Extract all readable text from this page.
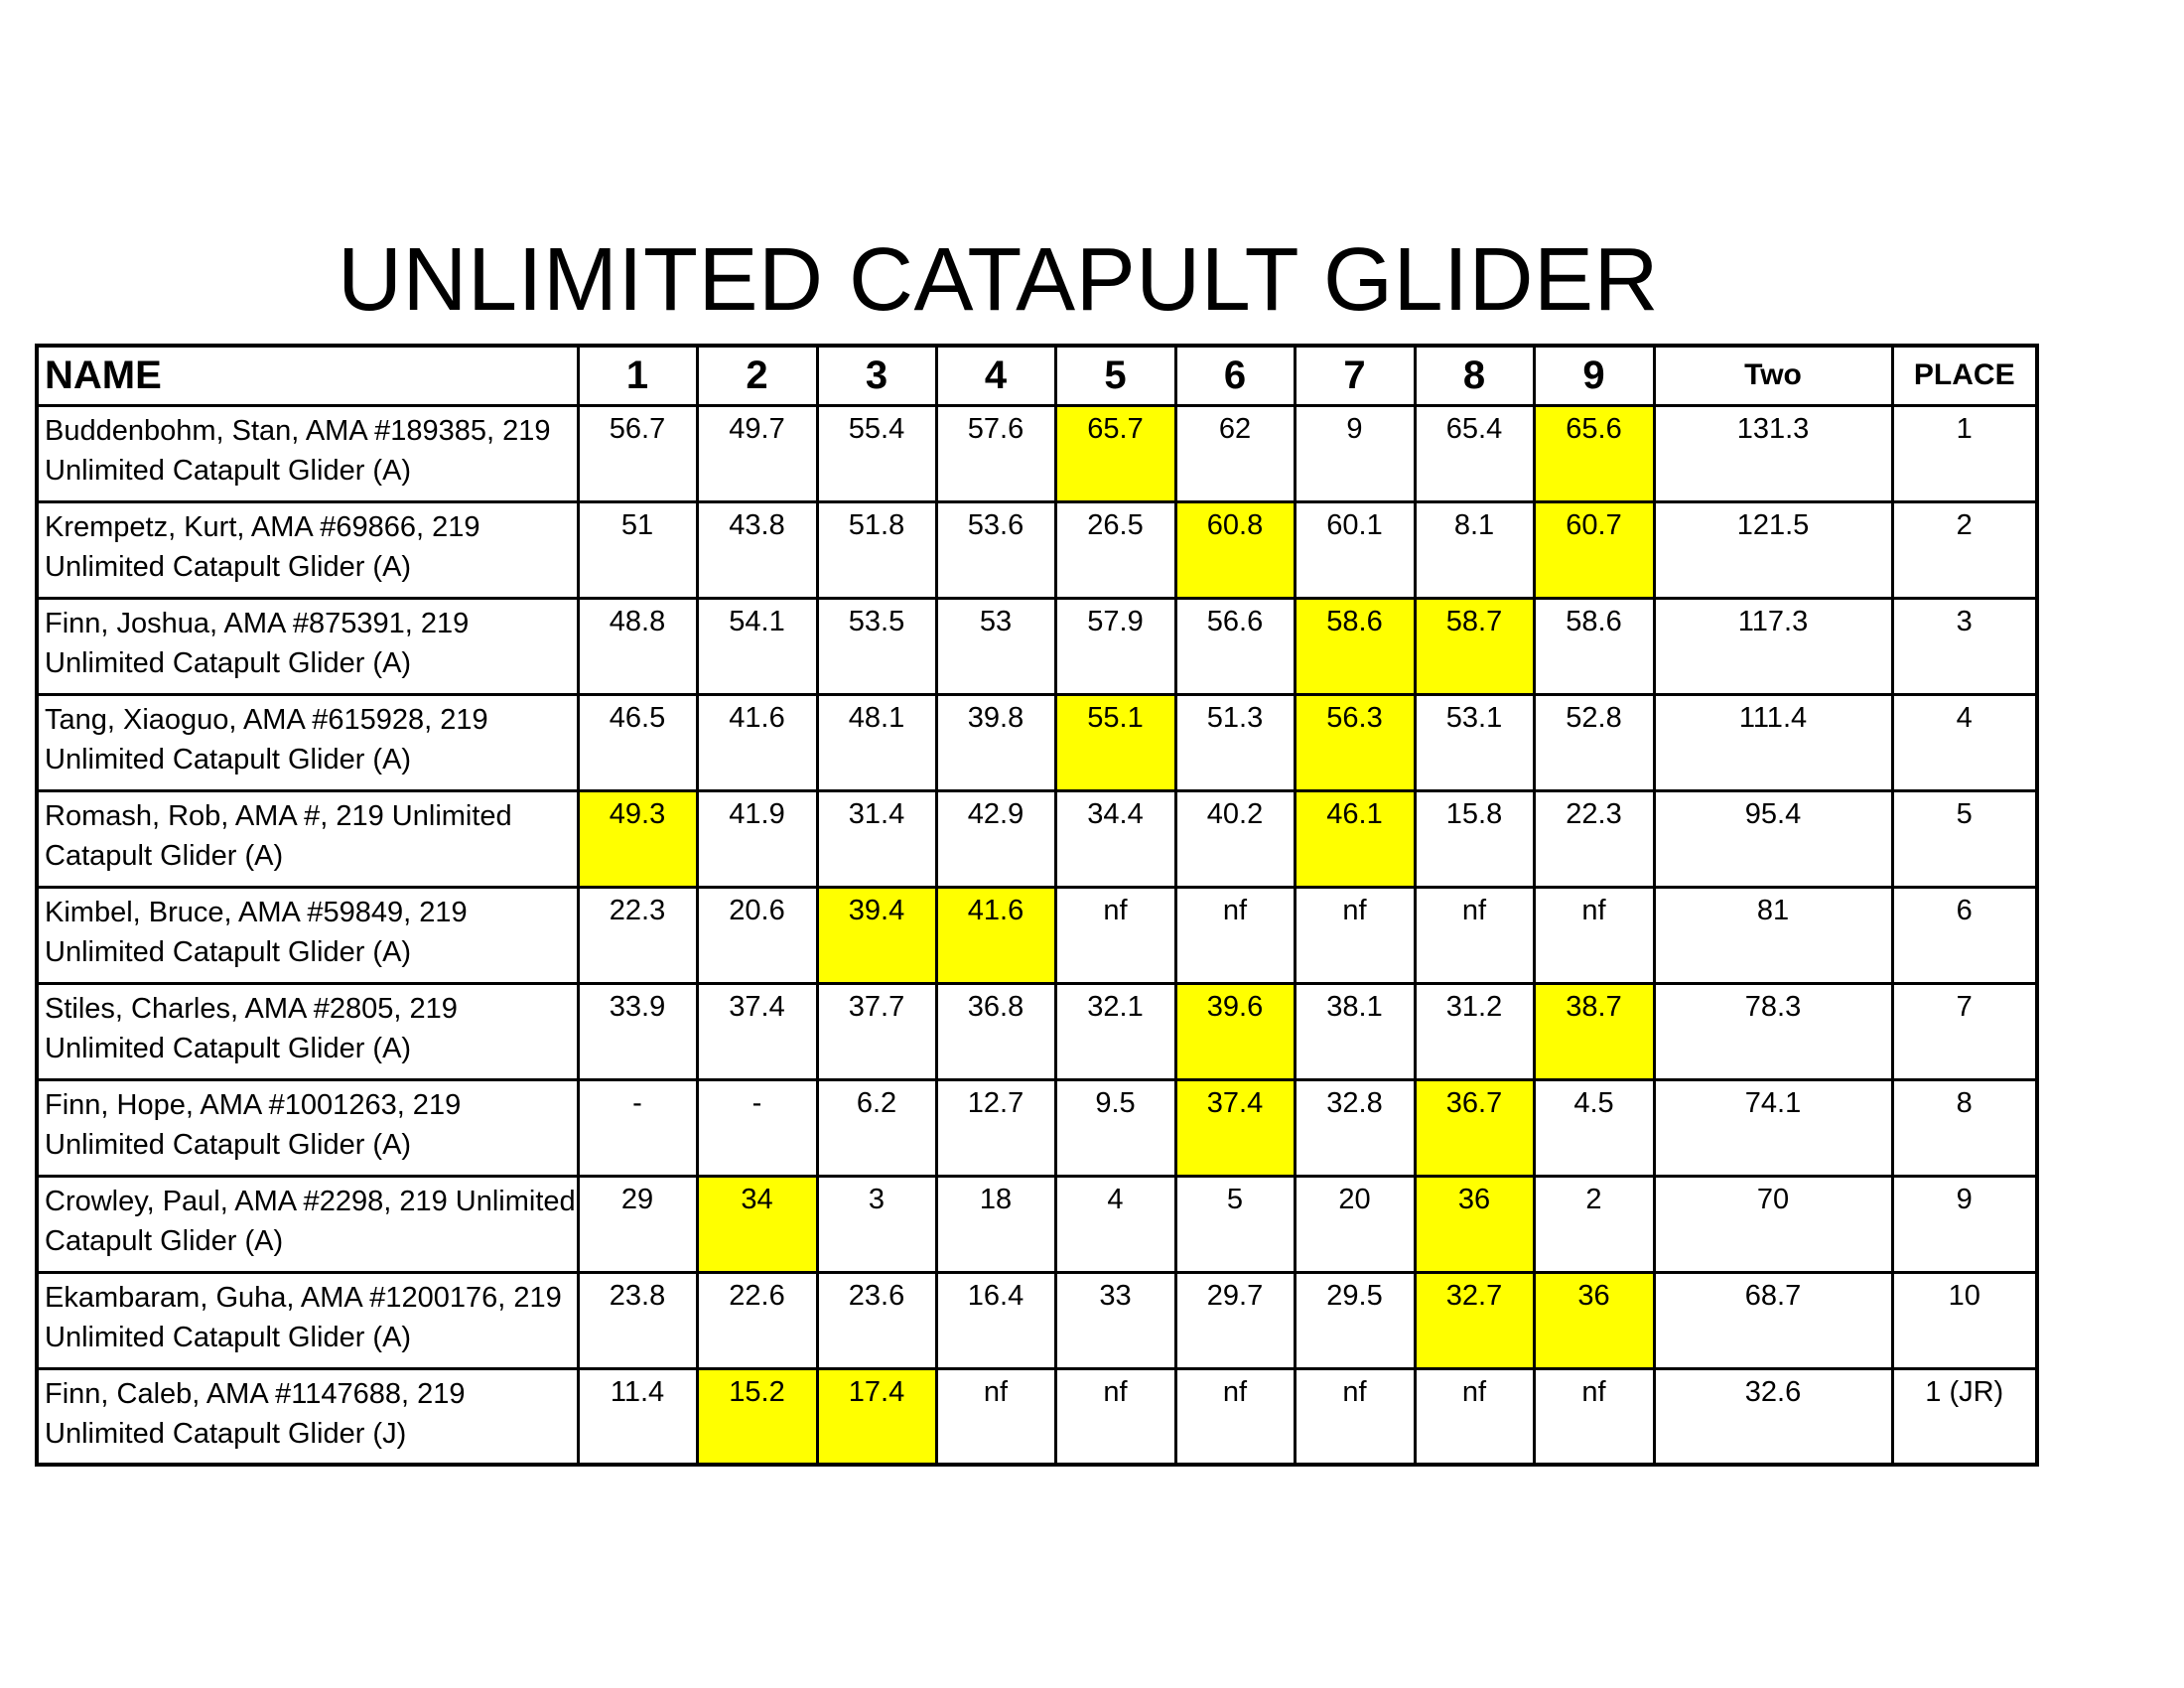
UNLIMITED CATAPULT GLIDER
NAME	1	2	3	4	5	6	7	8	9	Two	PLACE
Buddenbohm, Stan, AMA #189385, 219 Unlimited Catapult Glider (A)	56.7	49.7	55.4	57.6	65.7	62	9	65.4	65.6	131.3	1
Krempetz, Kurt, AMA #69866, 219 Unlimited Catapult Glider (A)	51	43.8	51.8	53.6	26.5	60.8	60.1	8.1	60.7	121.5	2
Finn, Joshua, AMA #875391, 219 Unlimited Catapult Glider (A)	48.8	54.1	53.5	53	57.9	56.6	58.6	58.7	58.6	117.3	3
Tang, Xiaoguo, AMA #615928, 219 Unlimited Catapult Glider (A)	46.5	41.6	48.1	39.8	55.1	51.3	56.3	53.1	52.8	111.4	4
Romash, Rob, AMA #, 219 Unlimited Catapult Glider (A)	49.3	41.9	31.4	42.9	34.4	40.2	46.1	15.8	22.3	95.4	5
Kimbel, Bruce, AMA #59849, 219 Unlimited Catapult Glider (A)	22.3	20.6	39.4	41.6	nf	nf	nf	nf	nf	81	6
Stiles, Charles, AMA #2805, 219 Unlimited Catapult Glider (A)	33.9	37.4	37.7	36.8	32.1	39.6	38.1	31.2	38.7	78.3	7
Finn, Hope, AMA #1001263, 219 Unlimited Catapult Glider (A)	-	-	6.2	12.7	9.5	37.4	32.8	36.7	4.5	74.1	8
Crowley, Paul, AMA #2298, 219 Unlimited Catapult Glider (A)	29	34	3	18	4	5	20	36	2	70	9
Ekambaram, Guha, AMA #1200176, 219 Unlimited Catapult Glider (A)	23.8	22.6	23.6	16.4	33	29.7	29.5	32.7	36	68.7	10
Finn, Caleb, AMA #1147688, 219 Unlimited Catapult Glider (J)	11.4	15.2	17.4	nf	nf	nf	nf	nf	nf	32.6	1 (JR)
